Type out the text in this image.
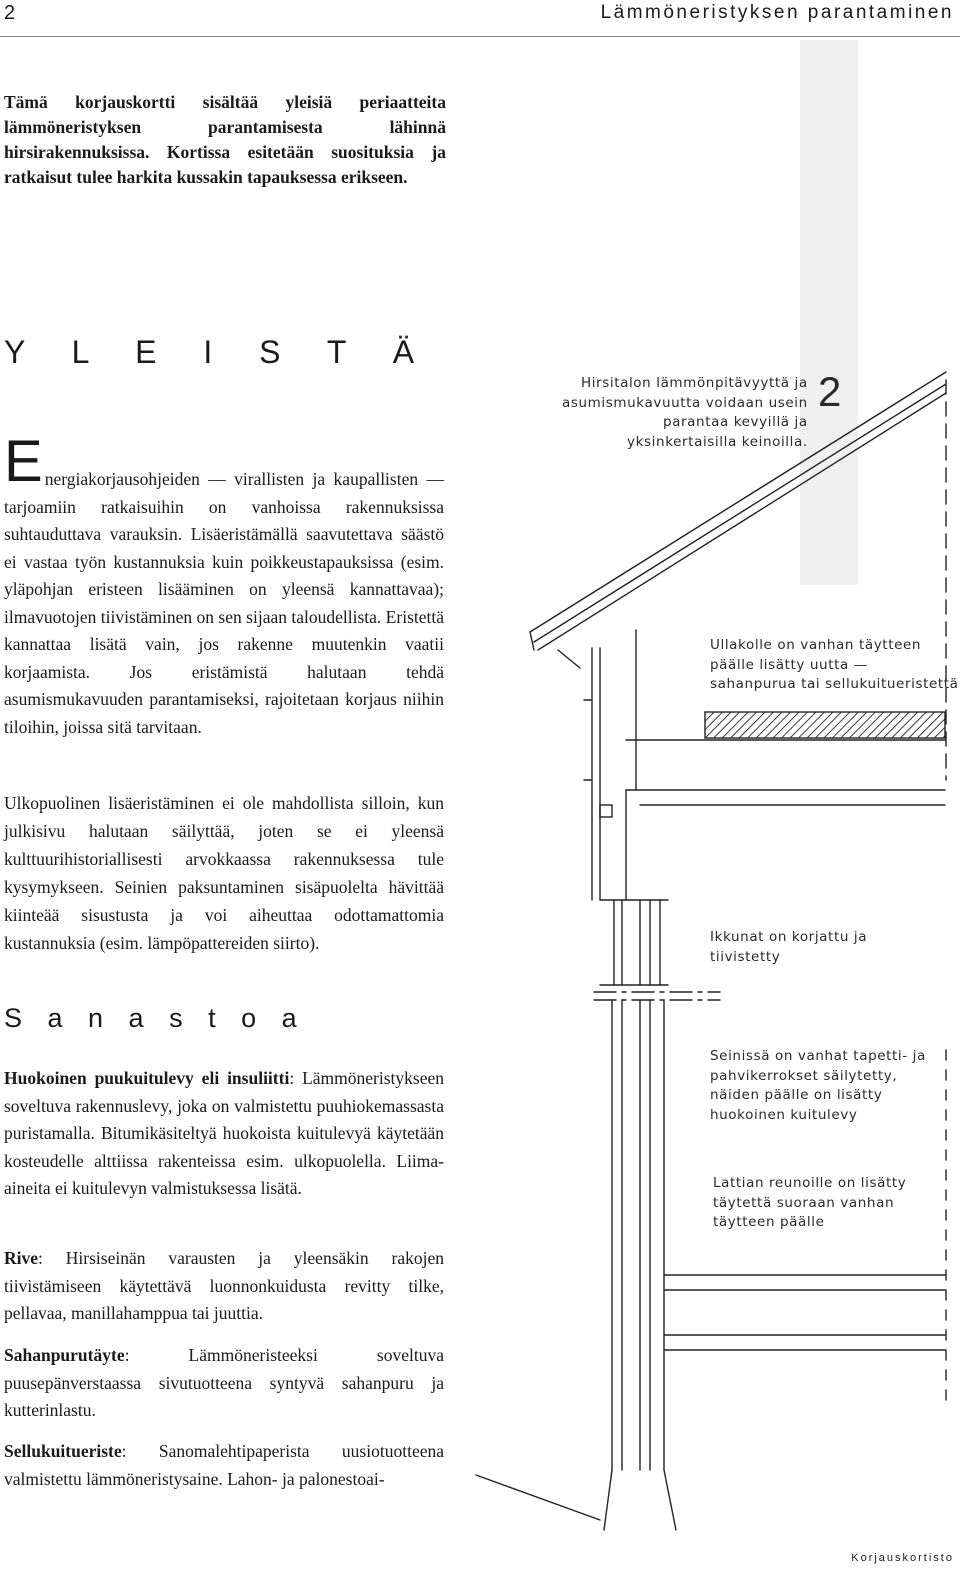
2	Lämmöneristyksen parantaminen
Tämä korjauskortti sisältää yleisiä periaatteita lämmöneristyksen parantamisesta lähinnä hirsirakennuksissa. Kortissa esitetään suosituksia ja ratkaisut tulee harkita kussakin tapauksessa erikseen.
Y L E I S T Ä

Energiakorjausohjeiden — virallisten ja kaupallisten — tarjoamiin ratkaisuihin on vanhoissa rakennuksissa suhtauduttava varauksin. Lisäeristämällä saavutettava säästö ei vastaa työn kustannuksia kuin poikkeustapauksissa (esim. yläpohjan eristeen lisääminen on yleensä kannattavaa); ilmavuotojen tiivistäminen on sen sijaan taloudellista. Eristettä kannattaa lisätä vain, jos rakenne muutenkin vaatii korjaamista. Jos eristämistä halutaan tehdä asumismukavuuden parantamiseksi, rajoitetaan korjaus niihin tiloihin, joissa sitä tarvitaan.

Ulkopuolinen lisäeristäminen ei ole mahdollista silloin, kun julkisivu halutaan säilyttää, joten se ei yleensä kulttuurihistoriallisesti arvokkaassa rakennuksessa tule kysymykseen. Seinien paksuntaminen sisäpuolelta hävittää kiinteää sisustusta ja voi aiheuttaa odottamattomia kustannuksia (esim. lämpöpattereiden siirto).

S a n a s t o a

Huokoinen puukuitulevy eli insuliitti: Lämmöneristykseen soveltuva rakennuslevy, joka on valmistettu puuhiokemassasta puristamalla. Bitumikäsiteltyä huokoista kuitulevyä käytetään kosteudelle alttiissa rakenteissa esim. ulkopuolella. Liima-aineita ei kuitulevyn valmistuksessa lisätä.

Rive: Hirsiseinän varausten ja yleensäkin rakojen tiivistämiseen käytettävä luonnonkuidusta revitty tilke, pellavaa, manillahamppua tai juuttia.

Sahanpurutäyte: Lämmöneristeeksi soveltuva puusepänverstaassa sivutuotteena syntyvä sahanpuru ja kutterinlastu.

Sellukuitueriste: Sanomalehtipaperista uusiotuotteena valmistettu lämmöneristysaine. Lahon- ja palonestoai-

Hirsitalon lämmönpitävyyttä ja
asumismukavuutta voidaan usein
parantaa kevyillä ja
yksinkertaisilla keinoilla.
2
Ullakolle on vanhan täytteen
päälle lisätty uutta —
sahanpurua tai sellukuitueristettä
Ikkunat on korjattu ja
tiivistetty
Seinissä on vanhat tapetti- ja
pahvikerrokset säilytetty,
näiden päälle on lisätty
huokoinen kuitulevy
Lattian reunoille on lisätty
täytettä suoraan vanhan
täytteen päälle
Korjauskortisto
